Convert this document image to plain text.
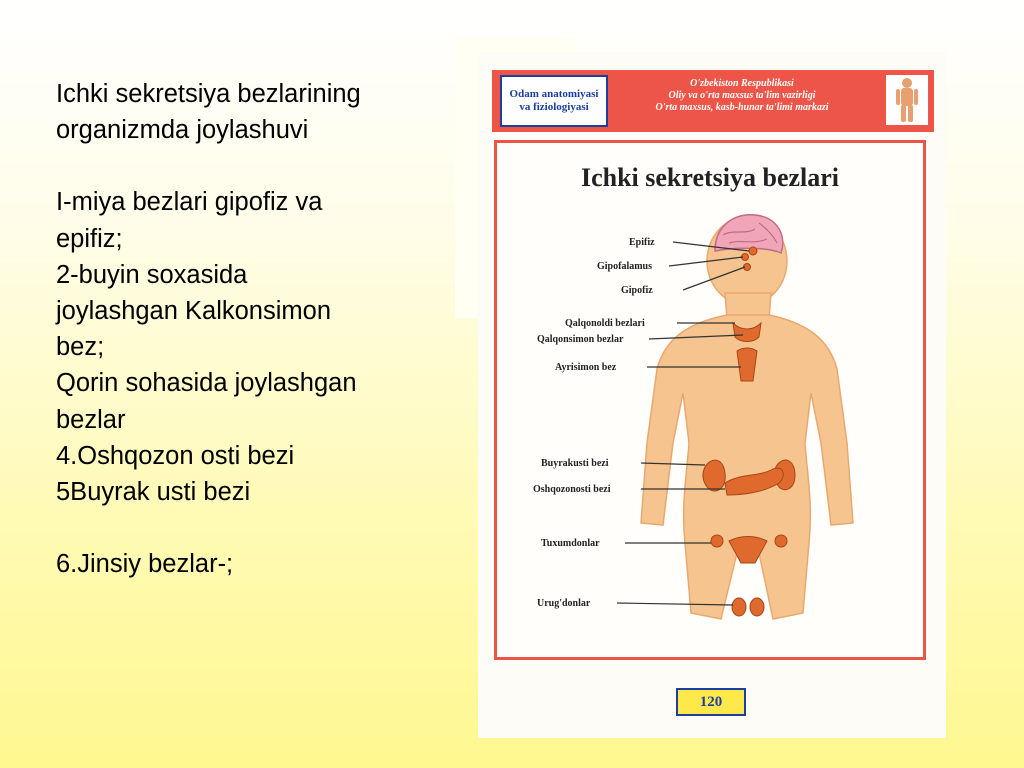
Ichki sekretsiya bezlarining

organizmda joylashuvi

I-miya bezlari gipofiz va

epifiz;

2-buyin soxasida

joylashgan Kalkonsimon

bez;

Qorin sohasida joylashgan

bezlar

4.Oshqozon osti bezi

5Buyrak usti bezi

6.Jinsiy bezlar-;

Odam anatomiyasi
va fiziologiyasi
O'zbekiston Respublikasi
Oliy va o'rta maxsus ta'lim vazirligi
O'rta maxsus, kasb-hunar ta'limi markazi
Ichki sekretsiya bezlari
Epifiz
Gipofalamus
Gipofiz
Qalqonoldi bezlari
Qalqonsimon bezlar
Ayrisimon bez
Buyrakusti bezi
Oshqozonosti bezi
Tuxumdonlar
Urug'donlar
120
